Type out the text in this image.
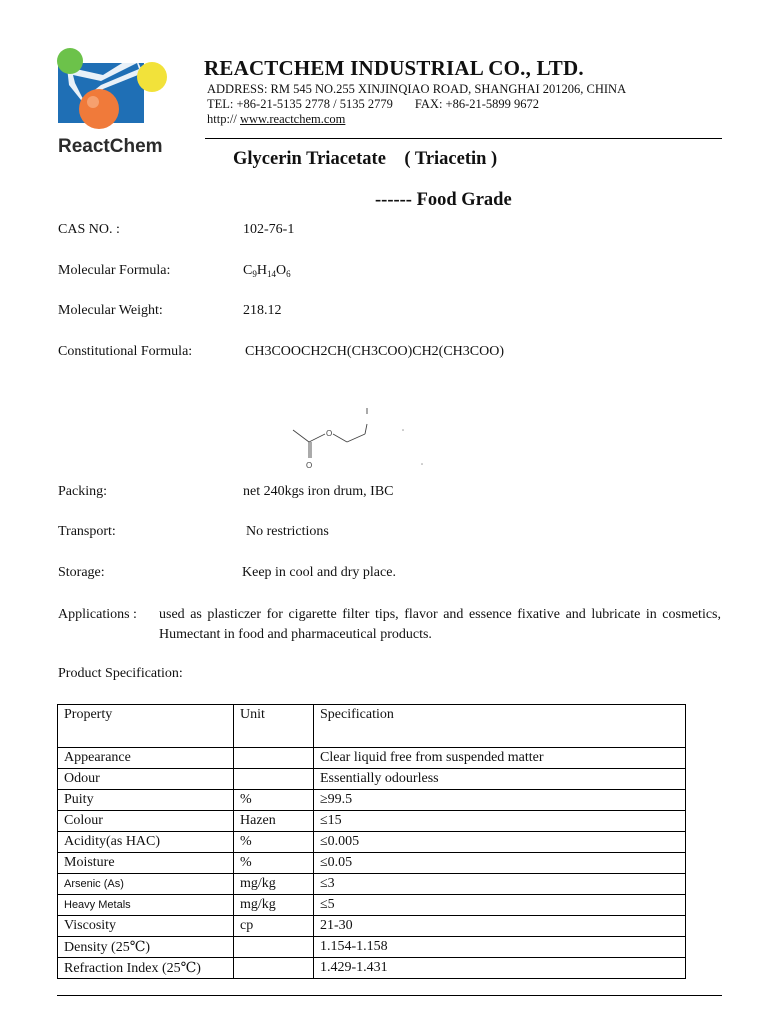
ReactChem
REACTCHEM INDUSTRIAL CO., LTD.
ADDRESS: RM 545 NO.255 XINJINQIAO ROAD, SHANGHAI 201206, CHINA
TEL: +86-21-5135 2778 / 5135 2779 FAX: +86-21-5899 9672
http:// www.reactchem.com
Glycerin Triacetate    ( Triacetin )
------ Food Grade
CAS NO. :	102-76-1
Molecular Formula:	$C_9H_{14}O_6$
Molecular Weight:	218.12
Constitutional Formula:	CH3COOCH2CH(CH3COO)CH2(CH3COO)
O
O
Packing:	net 240kgs iron drum, IBC
Transport:	No restrictions
Storage:	Keep in cool and dry place.
Applications :	used as plasticzer for cigarette filter tips, flavor and essence fixative and lubricate in cosmetics, Humectant in food and pharmaceutical products.
Product Specification:
Property	Unit	Specification
Appearance		Clear liquid free from suspended matter
Odour		Essentially odourless
Puity	%	≥99.5
Colour	Hazen	≤15
Acidity(as HAC)	%	≤0.005
Moisture	%	≤0.05
Arsenic (As)	mg/kg	≤3
Heavy Metals	mg/kg	≤5
Viscosity	cp	21-30
Density (25℃)		1.154-1.158
Refraction Index (25℃)		1.429-1.431
